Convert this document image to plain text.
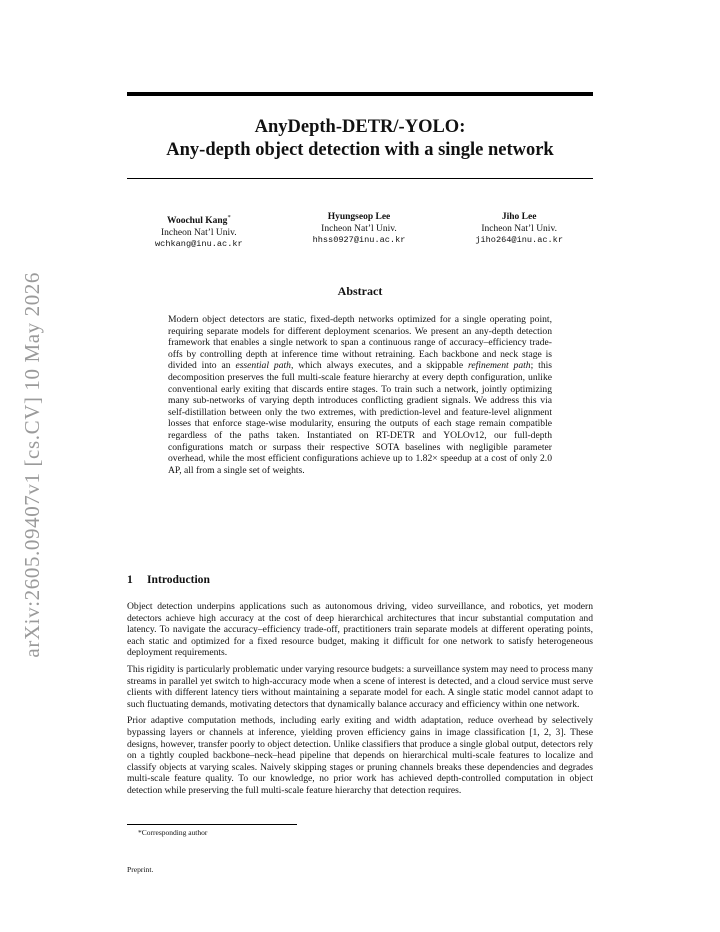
arXiv:2605.09407v1 [cs.CV] 10 May 2026
AnyDepth-DETR/-YOLO:
Any-depth object detection with a single network
Woochul Kang*
Incheon Nat’l Univ.
wchkang@inu.ac.kr
Hyungseop Lee
Incheon Nat’l Univ.
hhss0927@inu.ac.kr
Jiho Lee
Incheon Nat’l Univ.
jiho264@inu.ac.kr
Abstract

Modern object detectors are static, fixed-depth networks optimized for a single operating point, requiring separate models for different deployment scenarios. We present an any-depth detection framework that enables a single network to span a continuous range of accuracy–efficiency trade-offs by controlling depth at inference time without retraining. Each backbone and neck stage is divided into an essential path, which always executes, and a skippable refinement path; this decomposition preserves the full multi-scale feature hierarchy at every depth configuration, unlike conventional early exiting that discards entire stages. To train such a network, jointly optimizing many sub-networks of varying depth introduces conflicting gradient signals. We address this via self-distillation between only the two extremes, with prediction-level and feature-level alignment losses that enforce stage-wise modularity, ensuring the outputs of each stage remain compatible regardless of the paths taken. Instantiated on RT-DETR and YOLOv12, our full-depth configurations match or surpass their respective SOTA baselines with negligible parameter overhead, while the most efficient configurations achieve up to 1.82× speedup at a cost of only 2.0 AP, all from a single set of weights.

1 Introduction

Object detection underpins applications such as autonomous driving, video surveillance, and robotics, yet modern detectors achieve high accuracy at the cost of deep hierarchical architectures that incur substantial computation and latency. To navigate the accuracy–efficiency trade-off, practitioners train separate models at different operating points, each static and optimized for a fixed resource budget, making it difficult for one network to satisfy heterogeneous deployment requirements.

This rigidity is particularly problematic under varying resource budgets: a surveillance system may need to process many streams in parallel yet switch to high-accuracy mode when a scene of interest is detected, and a cloud service must serve clients with different latency tiers without maintaining a separate model for each. A single static model cannot adapt to such fluctuating demands, motivating detectors that dynamically balance accuracy and efficiency within one network.

Prior adaptive computation methods, including early exiting and width adaptation, reduce overhead by selectively bypassing layers or channels at inference, yielding proven efficiency gains in image classification [1, 2, 3]. These designs, however, transfer poorly to object detection. Unlike classifiers that produce a single global output, detectors rely on a tightly coupled backbone–neck–head pipeline that depends on hierarchical multi-scale features to localize and classify objects at varying scales. Naively skipping stages or pruning channels breaks these dependencies and degrades multi-scale feature quality. To our knowledge, no prior work has achieved depth-controlled computation in object detection while preserving the full multi-scale feature hierarchy that detection requires.

*Corresponding author
Preprint.
